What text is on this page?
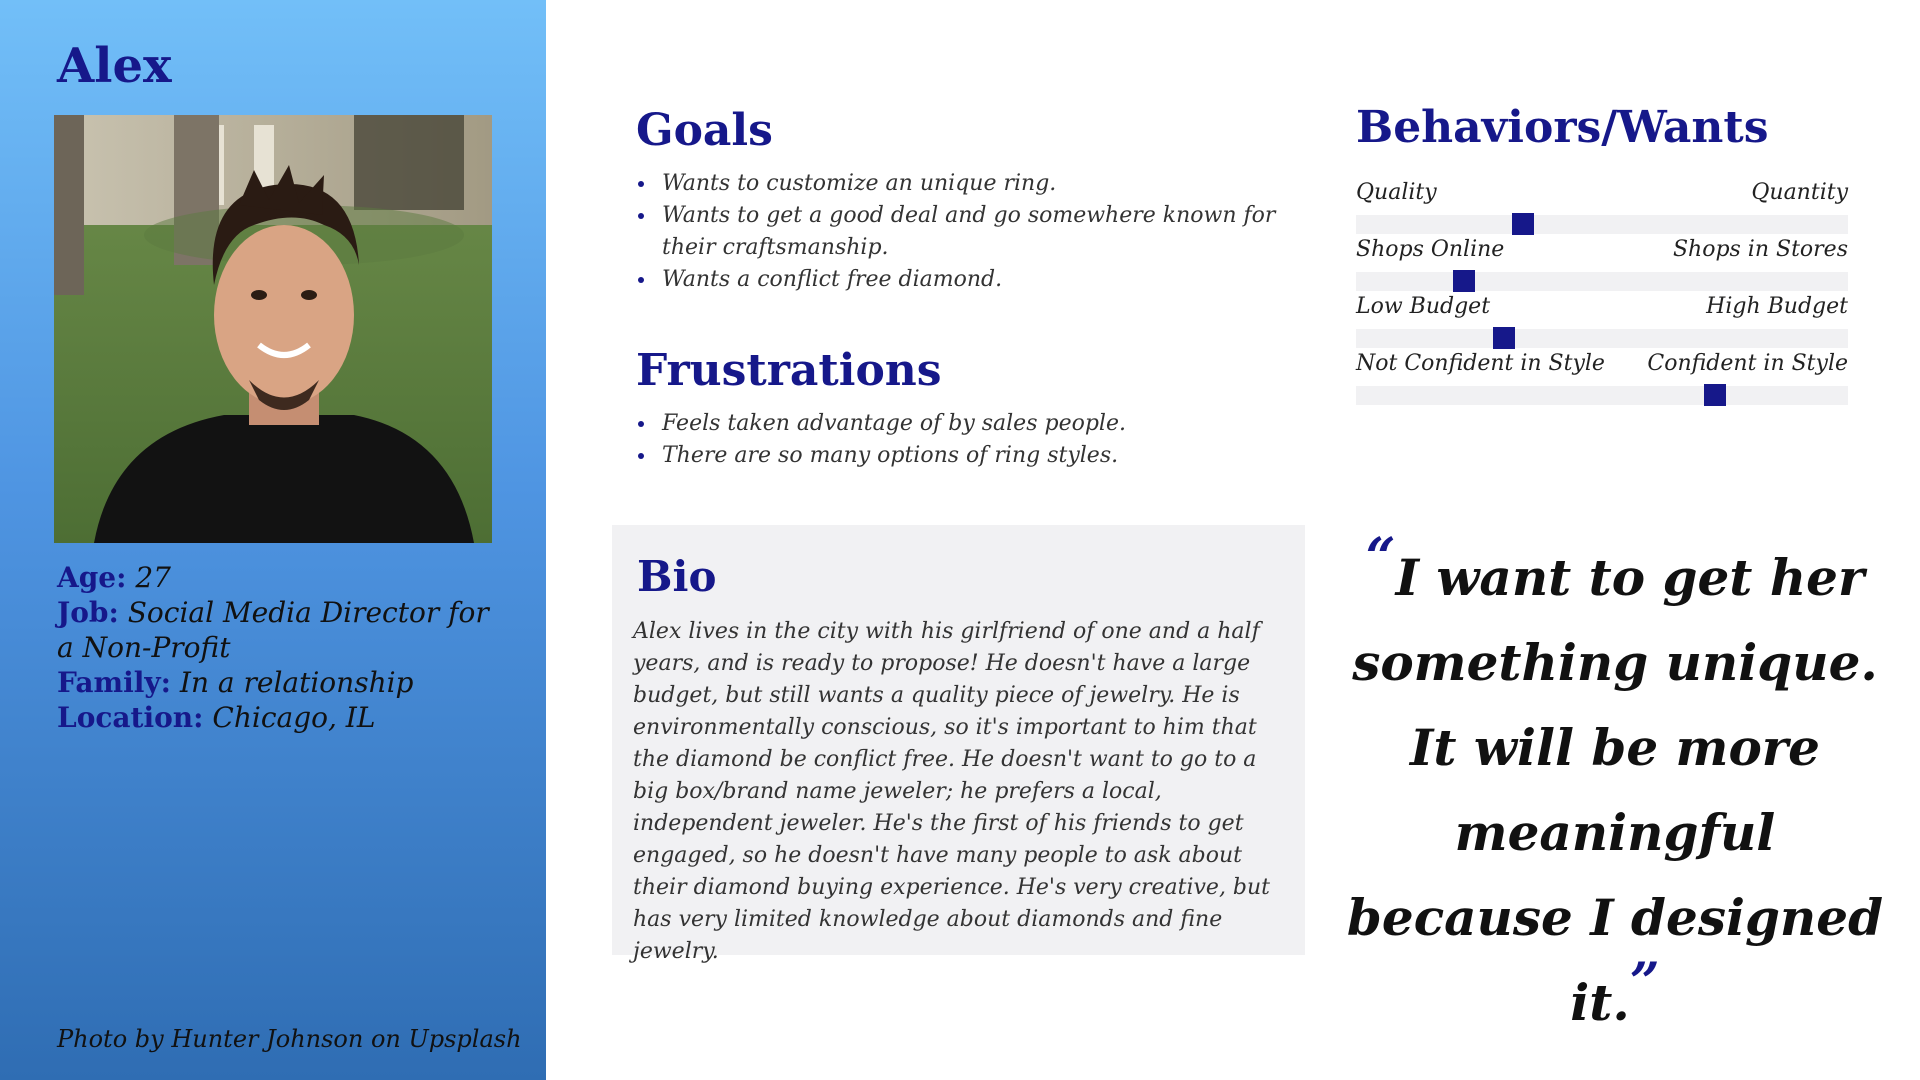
Alex
Age: 27
Job: Social Media Director for a Non-Profit
Family: In a relationship
Location: Chicago, IL
Photo by Hunter Johnson on Upsplash
Goals
Wants to customize an unique ring.
Wants to get a good deal and go somewhere known for their craftsmanship.
Wants a conflict free diamond.
Frustrations
Feels taken advantage of by sales people.
There are so many options of ring styles.
Bio
Alex lives in the city with his girlfriend of one and a half years, and is ready to propose! He doesn't have a large budget, but still wants a quality piece of jewelry. He is environmentally conscious, so it's important to him that the diamond be conflict free. He doesn't want to go to a big box/brand name jeweler; he prefers a local, independent jeweler. He's the first of his friends to get engaged, so he doesn't have many people to ask about their diamond buying experience. He's very creative, but has very limited knowledge about diamonds and fine jewelry.
Behaviors/Wants
Quality	Quantity
Shops Online	Shops in Stores
Low Budget	High Budget
Not Confident in Style Confident in Style
“I want to get her something unique. It will be more meaningful because I designed it.”
